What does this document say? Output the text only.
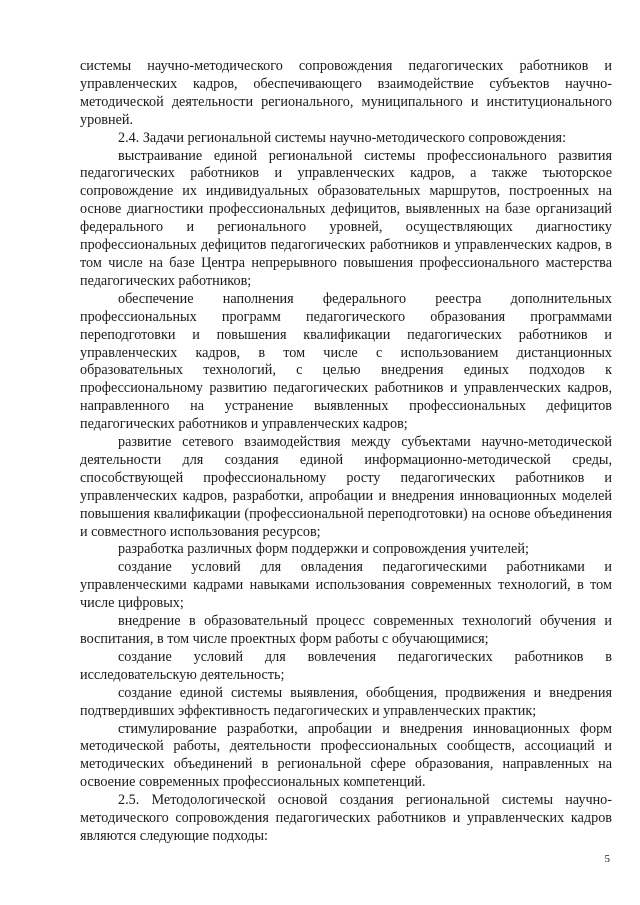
системы научно-методического сопровождения педагогических работников и управленческих кадров, обеспечивающего взаимодействие субъектов научно-методической деятельности регионального, муниципального и институционального уровней.

2.4. Задачи региональной системы научно-методического сопровождения:

выстраивание единой региональной системы профессионального развития педагогических работников и управленческих кадров, а также тьюторское сопровождение их индивидуальных образовательных маршрутов, построенных на основе диагностики профессиональных дефицитов, выявленных на базе организаций федерального и регионального уровней, осуществляющих диагностику профессиональных дефицитов педагогических работников и управленческих кадров, в том числе на базе Центра непрерывного повышения профессионального мастерства педагогических работников;

обеспечение наполнения федерального реестра дополнительных профессиональных программ педагогического образования программами переподготовки и повышения квалификации педагогических работников и управленческих кадров, в том числе с использованием дистанционных образовательных технологий, с целью внедрения единых подходов к профессиональному развитию педагогических работников и управленческих кадров, направленного на устранение выявленных профессиональных дефицитов педагогических работников и управленческих кадров;

развитие сетевого взаимодействия между субъектами научно-методической деятельности для создания единой информационно-методической среды, способствующей профессиональному росту педагогических работников и управленческих кадров, разработки, апробации и внедрения инновационных моделей повышения квалификации (профессиональной переподготовки) на основе объединения и совместного использования ресурсов;

разработка различных форм поддержки и сопровождения учителей;

создание условий для овладения педагогическими работниками и управленческими кадрами навыками использования современных технологий, в том числе цифровых;

внедрение в образовательный процесс современных технологий обучения и воспитания, в том числе проектных форм работы с обучающимися;

создание условий для вовлечения педагогических работников в исследовательскую деятельность;

создание единой системы выявления, обобщения, продвижения и внедрения подтвердивших эффективность педагогических и управленческих практик;

стимулирование разработки, апробации и внедрения инновационных форм методической работы, деятельности профессиональных сообществ, ассоциаций и методических объединений в региональной сфере образования, направленных на освоение современных профессиональных компетенций.

2.5. Методологической основой создания региональной системы научно-методического сопровождения педагогических работников и управленческих кадров являются следующие подходы:

5
